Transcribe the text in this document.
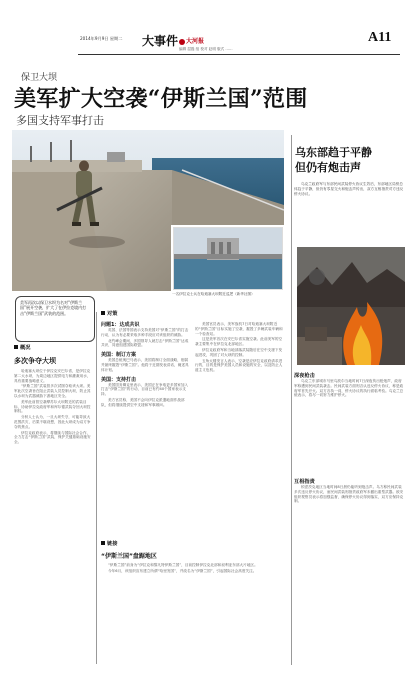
2014年9月9日 星期二 大事件	大河报
编辑 屈磊 组 校对 赵明 版式 ……
A11
保卫大坝
美军扩大空袭“伊斯兰国”范围
多国支持军事打击
一名伊拉克士兵在哈迪塞大坝附近巡逻（新华社图）

美军再次以保卫水坝为名对“伊斯兰国”展开空袭，扩大了在伊拉克境内打击“伊斯兰国”武装的范围。

乌东部趋于平静
但仍有炮击声

乌克兰政府军与东部民间武装停火协议生效后，东部地区局势总体趋于平静，但仍有零星交火和炮击声传出，双方互相指责对方违反停火协议。

深夜枪击

乌克兰东部城市马里乌波尔当地时间7日深夜传出枪炮声，政府军称遭到民间武装袭击。民间武装方面则否认违反停火协议，称是政府军首先开火。双方各执一词，停火协议的执行面临考验。乌克兰总统表示，将尽一切努力维护停火。

互相指责

顿涅茨克地区当地时间8日晨仍能听到炮击声。乌方称民间武装多次违反停火协议，而民间武装则指责政府军未撤出重型武器。欧安组织观察员表示将加强监督，确保停火协议得到落实，双方应保持克制。

概况
多次争夺大坝

哈迪塞大坝位于伊拉克安巴尔省，是伊拉克第二大水坝，为周边地区提供电力和灌溉用水，具有重要战略意义。

“伊斯兰国”武装曾多次试图夺取该大坝。美军此次空袭旨在阻止武装人员控制大坝，防止其以水坝为武器威胁下游地区安全。

美军此前曾空袭摩苏尔大坝附近的武装目标，协助伊拉克政府军和库尔德武装夺回大坝控制权。

分析人士认为，一旦大坝失守，可能导致大范围洪灾，后果不堪设想，因此大坝成为双方争夺的焦点。

伊拉克政府表示，将继续与国际社会合作，全力打击“伊斯兰国”武装，保护关键基础设施安全。

对策
问题1：达成共识

英国、法国等国表示支持美国对“伊斯兰国”的打击行动，认为有必要采取多种手段应对该组织的威胁。

北约峰会期间，多国领导人就打击“伊斯兰国”达成共识，同意组建国际联盟。

美国：制订方案

美国总统奥巴马表示，美国将制订全面战略，削弱并最终摧毁“伊斯兰国”。他将于近期发表讲话，阐述具体计划。

美国：支持打击

美国国务卿克里表示，美国正在争取更多国家加入打击“伊斯兰国”的行动，目前已有约40个国家表示支持。

美方官员称，美国不会向伊拉克派遣地面作战部队，但将继续提供空中支援和军事顾问。

美国官员表示，美军战机7日对哈迪塞大坝附近的“伊斯兰国”目标实施了空袭，摧毁了多辆武装车辆和一个检查站。

这是美军首次在安巴尔省实施空袭。此前美军的空袭主要集中在伊拉克北部地区。

伊拉克政府军和当地部落武装随后在空中支援下发起进攻，巩固了对大坝的控制。

五角大楼发言人表示，空袭是应伊拉克政府请求进行的，目的是保护美国人员和设施的安全，以及防止人道主义危机。

链接
“伊斯兰国”盘踞地区

“伊斯兰国”前身为“伊拉克和黎凡特伊斯兰国”，目前控制伊拉克北部和叙利亚东部大片地区。

今年6月，该组织宣布建立所谓“哈里发国”，并改名为“伊斯兰国”，引起国际社会高度关注。
